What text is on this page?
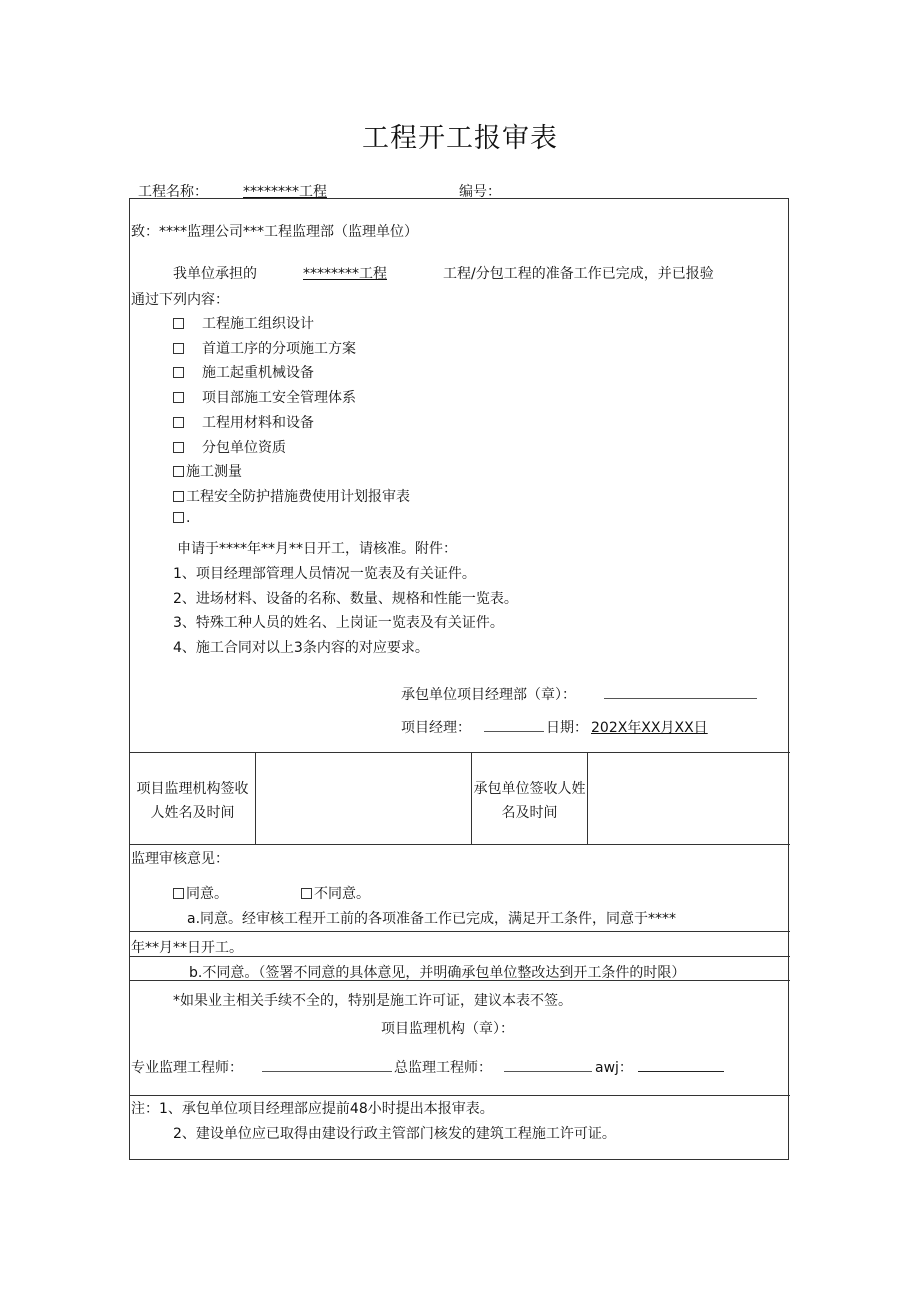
工程开工报审表
工程名称：	********工程	编号：
致：****监理公司***工程监理部（监理单位）
我单位承担的	********工程	工程/分包工程的准备工作已完成，并已报验
通过下列内容：
工程施工组织设计
首道工序的分项施工方案
施工起重机械设备
项目部施工安全管理体系
工程用材料和设备
分包单位资质
施工测量
工程安全防护措施费使用计划报审表
.
申请于****年**月**日开工，请核准。附件：
1、项目经理部管理人员情况一览表及有关证件。
2、进场材料、设备的名称、数量、规格和性能一览表。
3、特殊工种人员的姓名、上岗证一览表及有关证件。
4、施工合同对以上3条内容的对应要求。
承包单位项目经理部（章）：
项目经理：	日期： 202X年XX月XX日
项目监理机构签收人姓名及时间
承包单位签收人姓名及时间
监理审核意见：
同意。	不同意。
a.同意。经审核工程开工前的各项准备工作已完成，满足开工条件，同意于****
年**月**日开工。
b.不同意。（签署不同意的具体意见，并明确承包单位整改达到开工条件的时限）
*如果业主相关手续不全的，特别是施工许可证，建议本表不签。
项目监理机构（章）：
专业监理工程师：	总监理工程师：	awj：
注：1、承包单位项目经理部应提前48小时提出本报审表。
2、建设单位应已取得由建设行政主管部门核发的建筑工程施工许可证。
